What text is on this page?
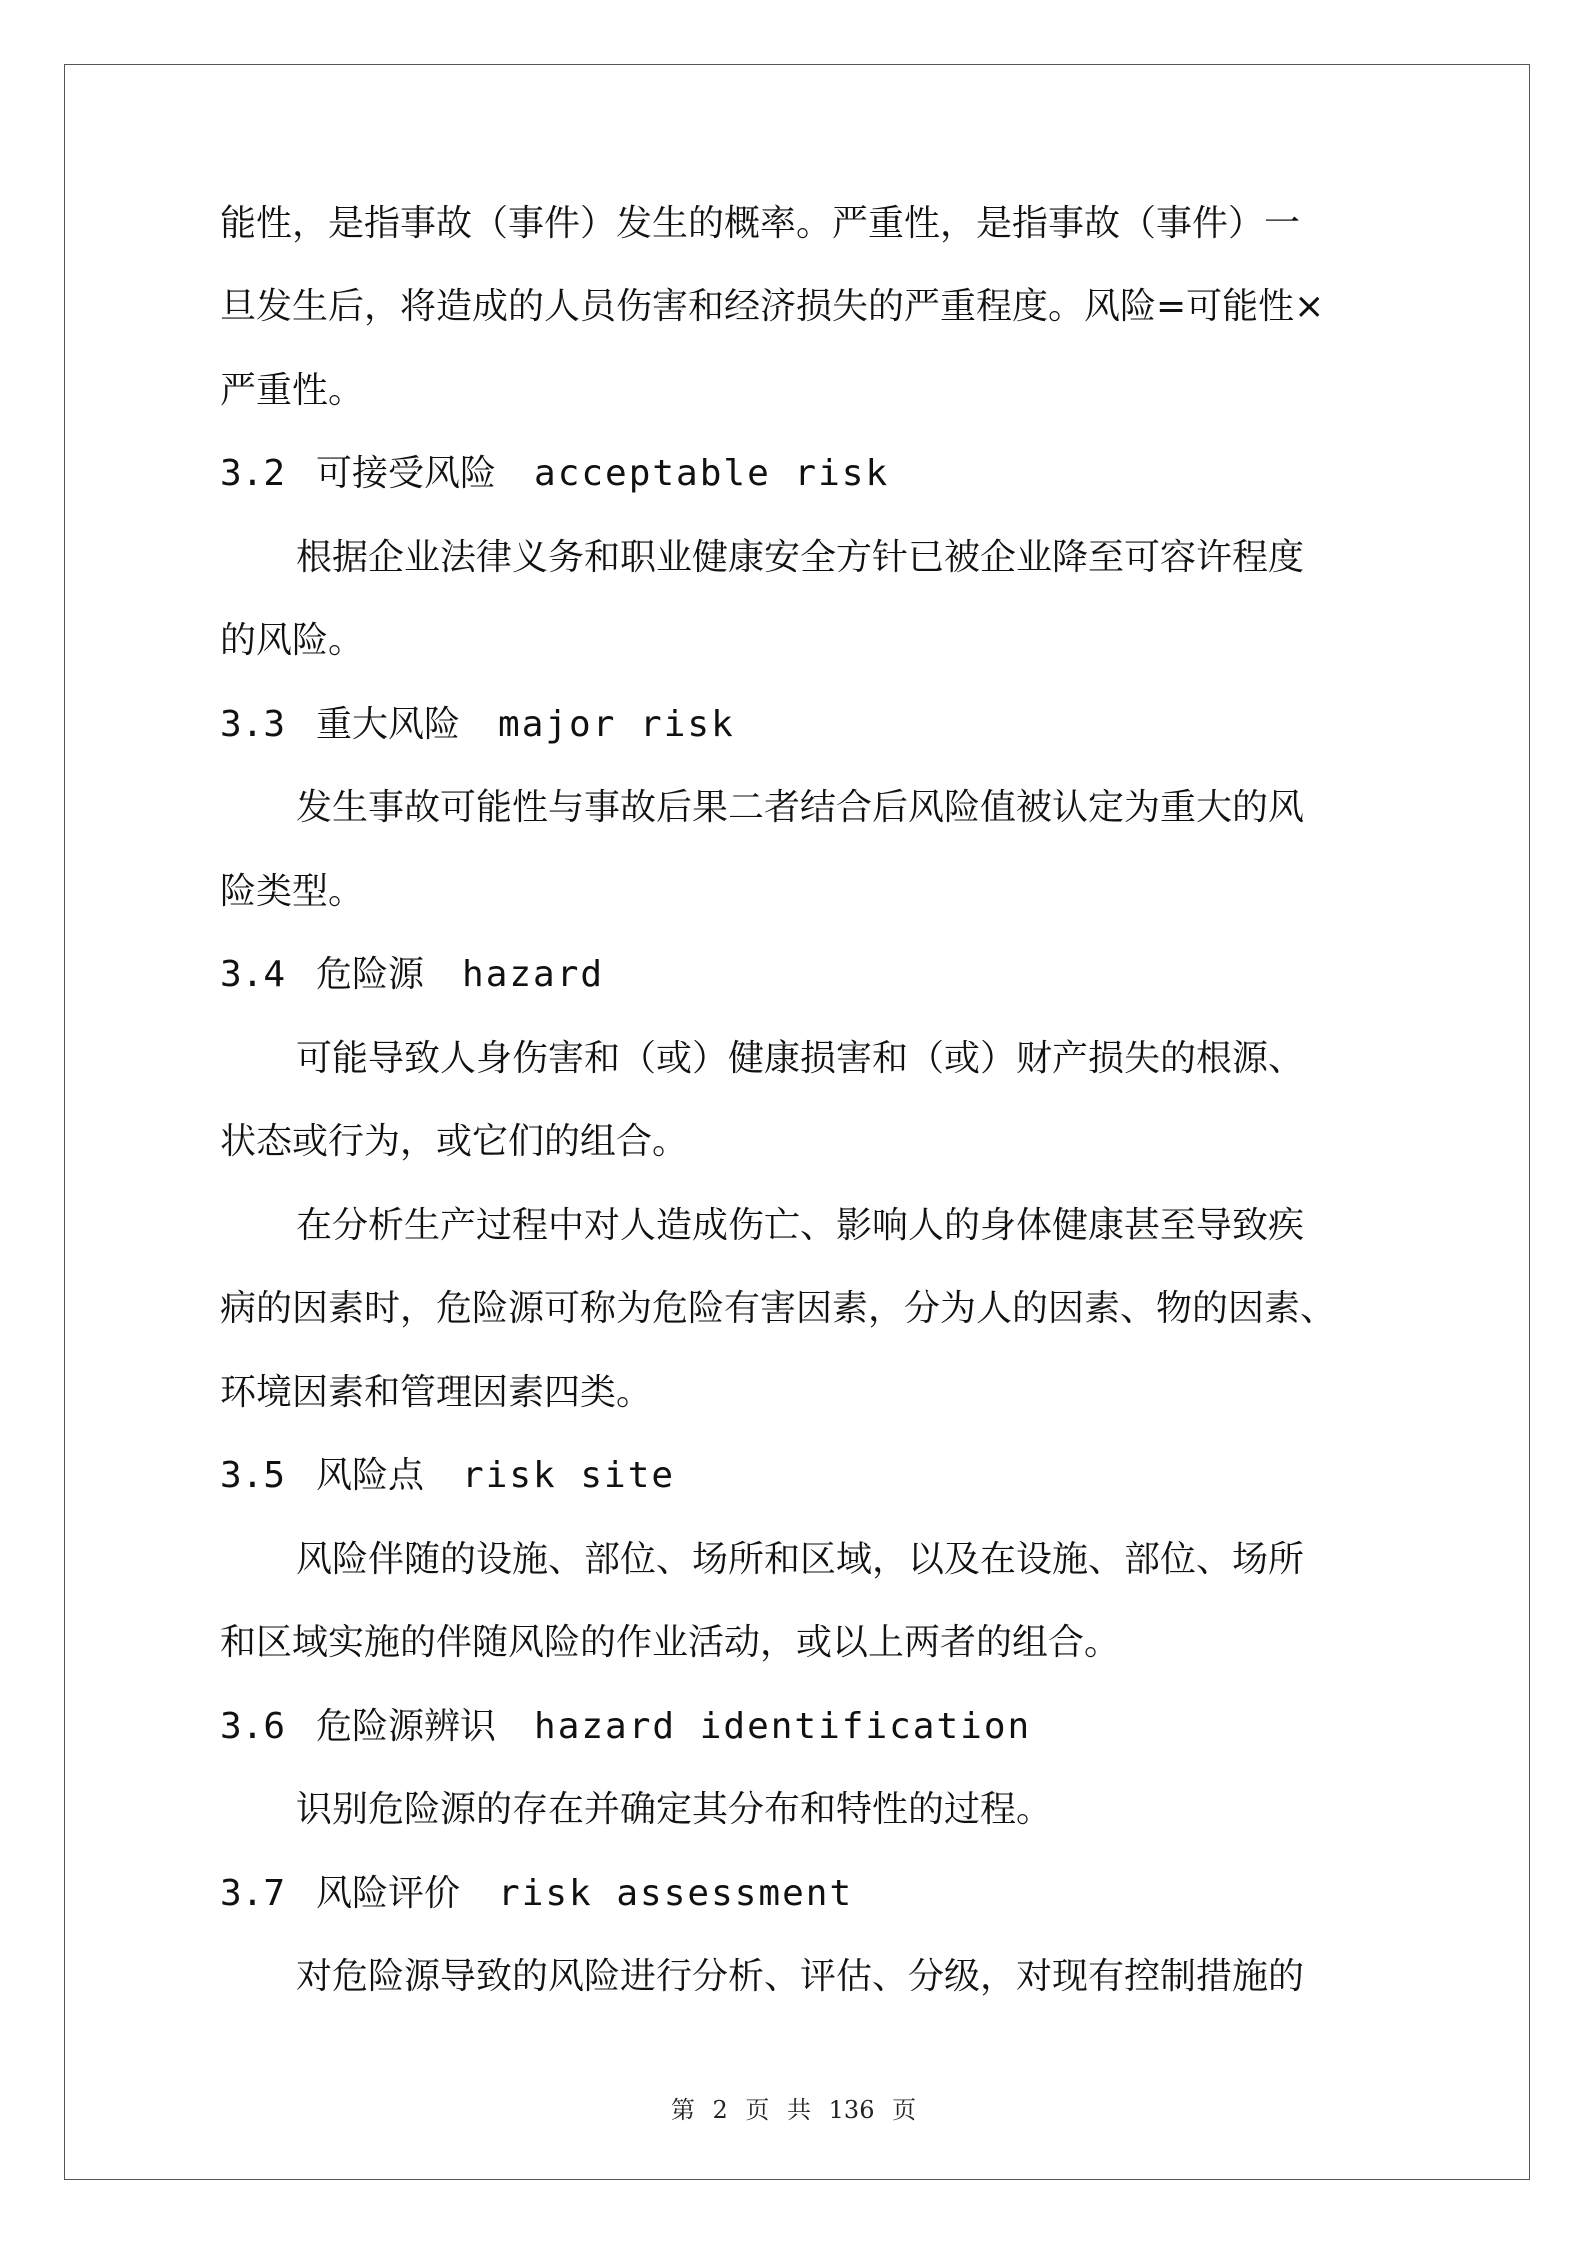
能性，是指事故（事件）发生的概率。严重性，是指事故（事件）一

旦发生后，将造成的人员伤害和经济损失的严重程度。风险=可能性×

严重性。

3.2 可接受风险 acceptable risk

根据企业法律义务和职业健康安全方针已被企业降至可容许程度

的风险。

3.3 重大风险 major risk

发生事故可能性与事故后果二者结合后风险值被认定为重大的风

险类型。

3.4 危险源 hazard

可能导致人身伤害和（或）健康损害和（或）财产损失的根源、

状态或行为，或它们的组合。

在分析生产过程中对人造成伤亡、影响人的身体健康甚至导致疾

病的因素时，危险源可称为危险有害因素，分为人的因素、物的因素、

环境因素和管理因素四类。

3.5 风险点 risk site

风险伴随的设施、部位、场所和区域，以及在设施、部位、场所

和区域实施的伴随风险的作业活动，或以上两者的组合。

3.6 危险源辨识 hazard identification

识别危险源的存在并确定其分布和特性的过程。

3.7 风险评价 risk assessment

对危险源导致的风险进行分析、评估、分级，对现有控制措施的

第 2 页 共 136 页
